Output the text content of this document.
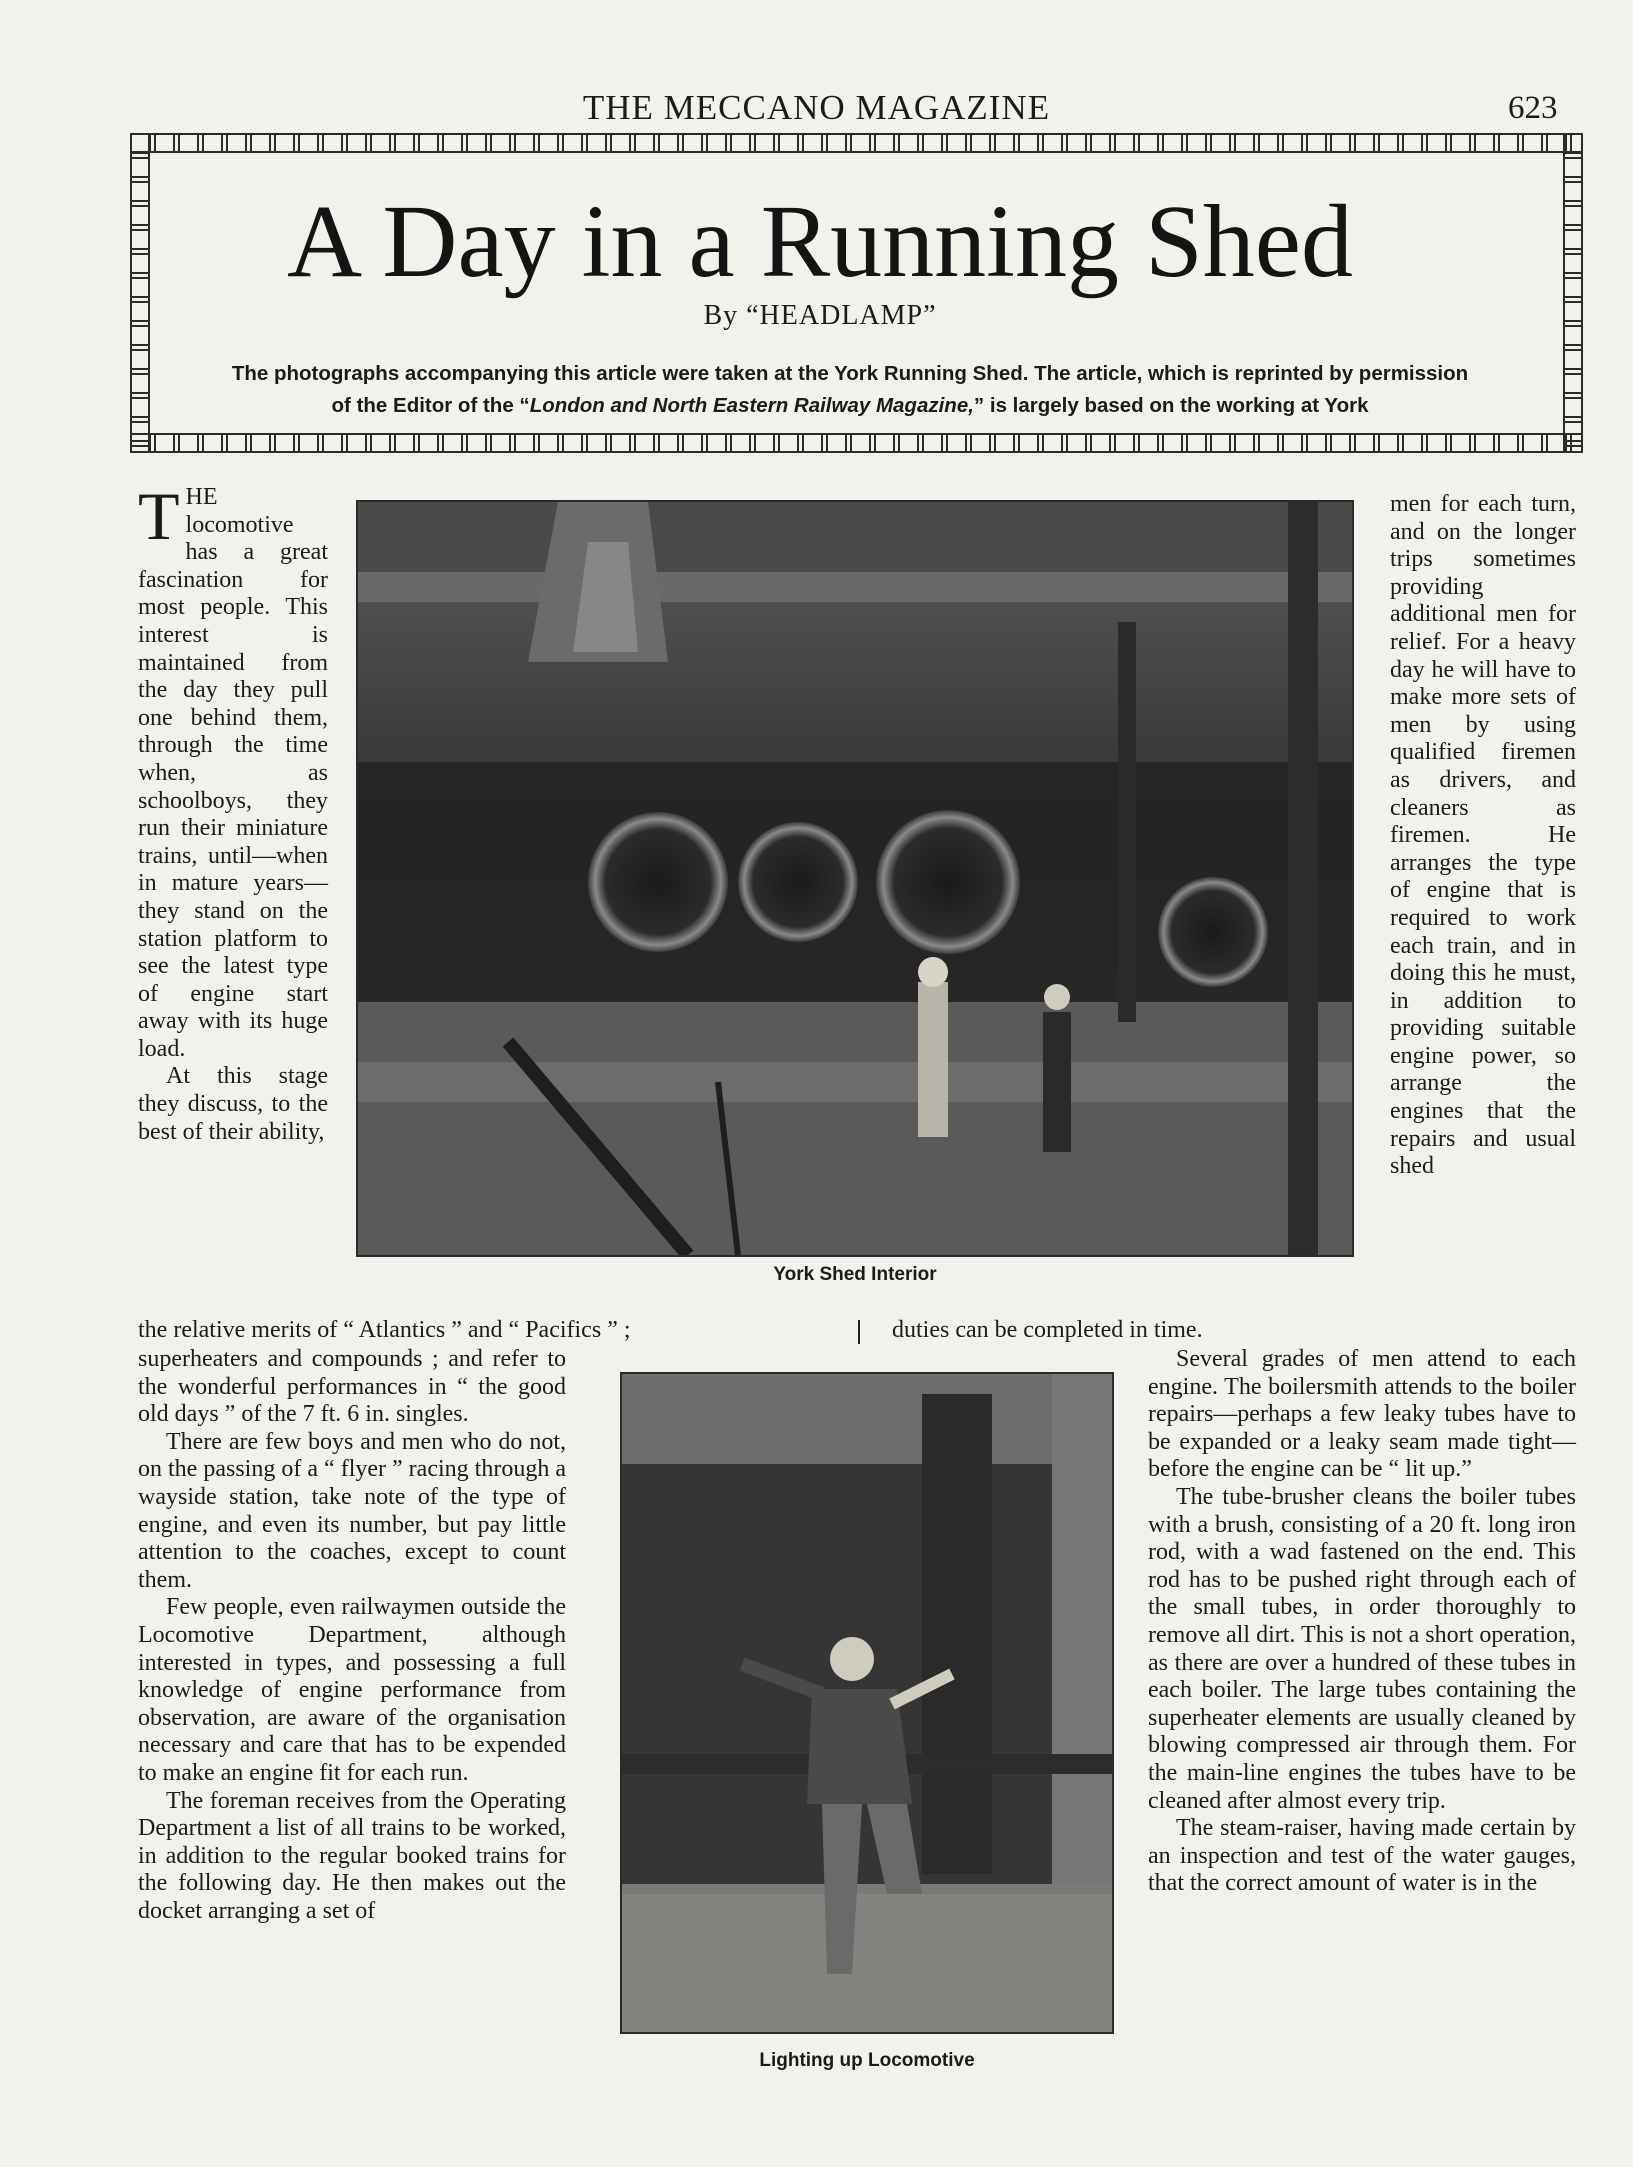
THE MECCANO MAGAZINE	623
A Day in a Running Shed
By “HEADLAMP”
The photographs accompanying this article were taken at the York Running Shed. The article, which is reprinted by permission
of the Editor of the “London and North Eastern Railway Magazine,” is largely based on the working at York
York Shed Interior
Lighting up Locomotive

THE locomotive has a great fascination for most people. This interest is maintained from the day they pull one behind them, through the time when, as schoolboys, they run their miniature trains, until—when in mature years—they stand on the station platform to see the latest type of engine start away with its huge load.

At this stage they discuss, to the best of their ability,

men for each turn, and on the longer trips sometimes providing additional men for relief. For a heavy day he will have to make more sets of men by using qualified firemen as drivers, and cleaners as firemen. He arranges the type of engine that is required to work each train, and in doing this he must, in addition to providing suitable engine power, so arrange the engines that the repairs and usual shed

the relative merits of “ Atlantics ” and “ Pacifics ” ;	duties can be completed in time.

superheaters and compounds ; and refer to the wonderful performances in “ the good old days ” of the 7 ft. 6 in. singles.

There are few boys and men who do not, on the passing of a “ flyer ” racing through a wayside station, take note of the type of engine, and even its number, but pay little attention to the coaches, except to count them.

Few people, even railwaymen outside the Locomotive Department, although interested in types, and possessing a full knowledge of engine performance from observation, are aware of the organisation necessary and care that has to be expended to make an engine fit for each run.

The foreman receives from the Operating Department a list of all trains to be worked, in addition to the regular booked trains for the following day. He then makes out the docket arranging a set of

Several grades of men attend to each engine. The boilersmith attends to the boiler repairs—perhaps a few leaky tubes have to be expanded or a leaky seam made tight—before the engine can be “ lit up.”

The tube-brusher cleans the boiler tubes with a brush, consisting of a 20 ft. long iron rod, with a wad fastened on the end. This rod has to be pushed right through each of the small tubes, in order thoroughly to remove all dirt. This is not a short operation, as there are over a hundred of these tubes in each boiler. The large tubes containing the superheater elements are usually cleaned by blowing compressed air through them. For the main-line engines the tubes have to be cleaned after almost every trip.

The steam-raiser, having made certain by an inspection and test of the water gauges, that the correct amount of water is in the
